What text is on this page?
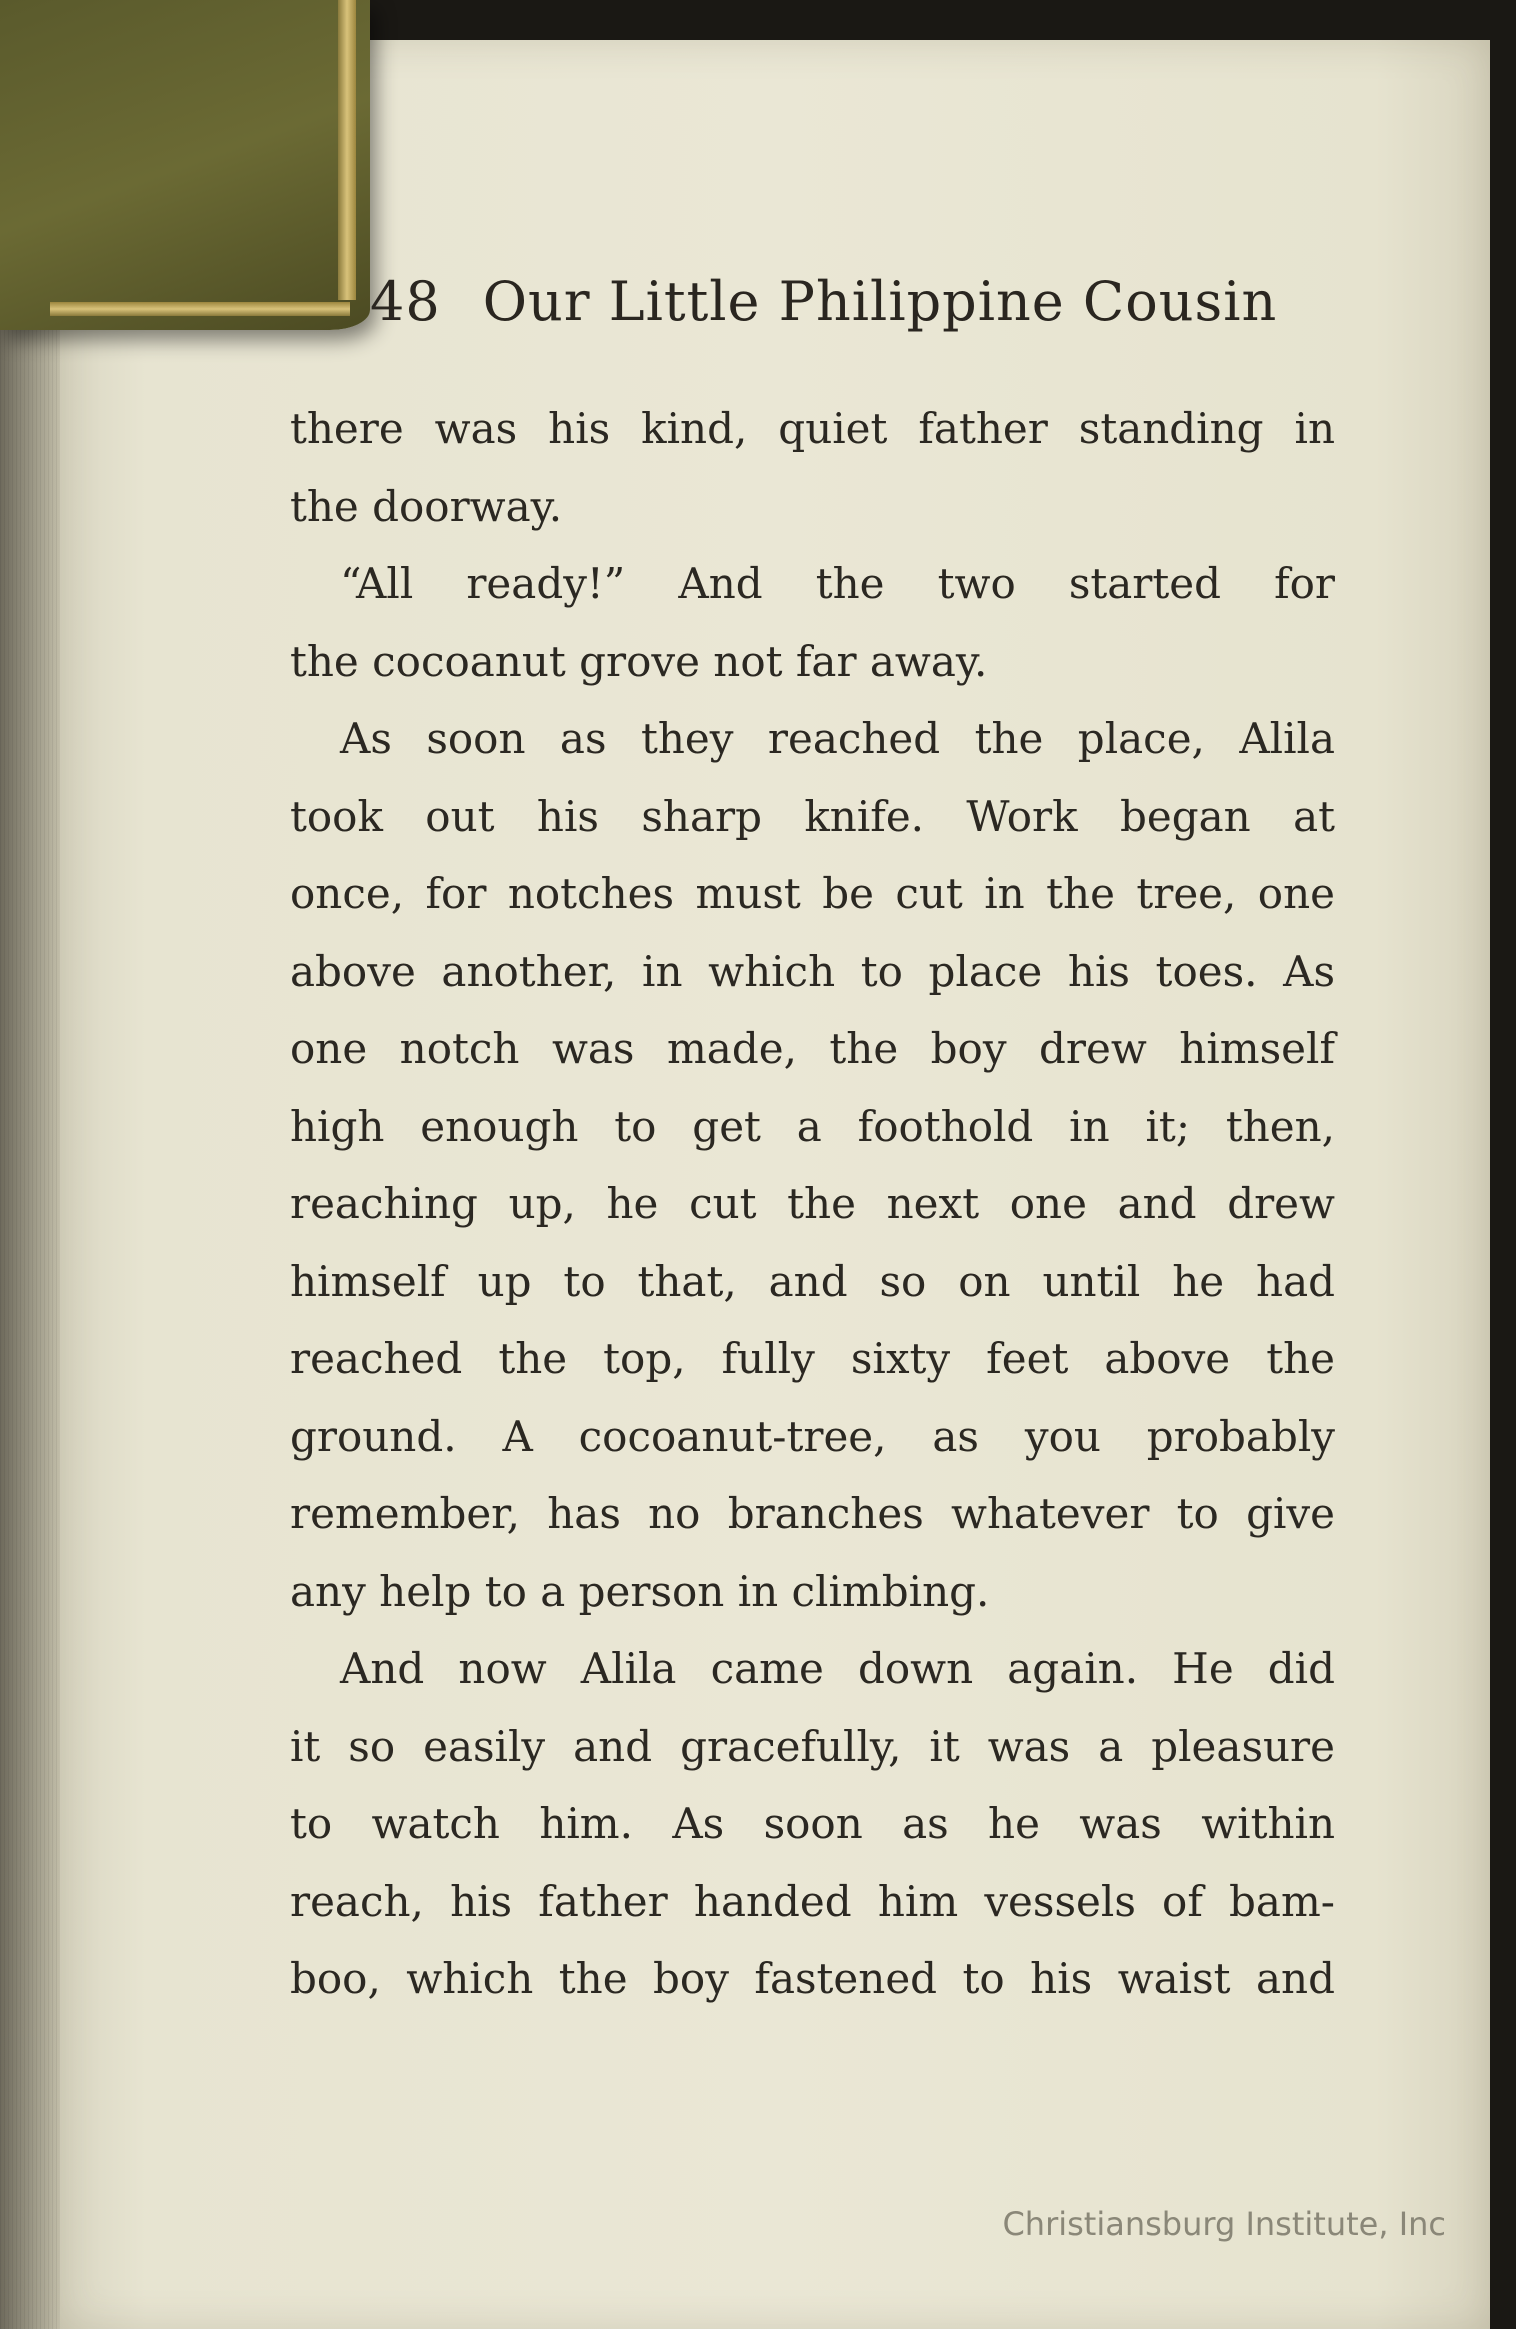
48 Our Little Philippine Cousin
there was his kind, quiet father standing in
the doorway.
“All ready!” And the two started for
the cocoanut grove not far away.
As soon as they reached the place, Alila
took out his sharp knife. Work began at
once, for notches must be cut in the tree, one
above another, in which to place his toes. As
one notch was made, the boy drew himself
high enough to get a foothold in it; then,
reaching up, he cut the next one and drew
himself up to that, and so on until he had
reached the top, fully sixty feet above the
ground. A cocoanut-tree, as you probably
remember, has no branches whatever to give
any help to a person in climbing.
And now Alila came down again. He did
it so easily and gracefully, it was a pleasure
to watch him. As soon as he was within
reach, his father handed him vessels of bam-
boo, which the boy fastened to his waist and
Christiansburg Institute, Inc
